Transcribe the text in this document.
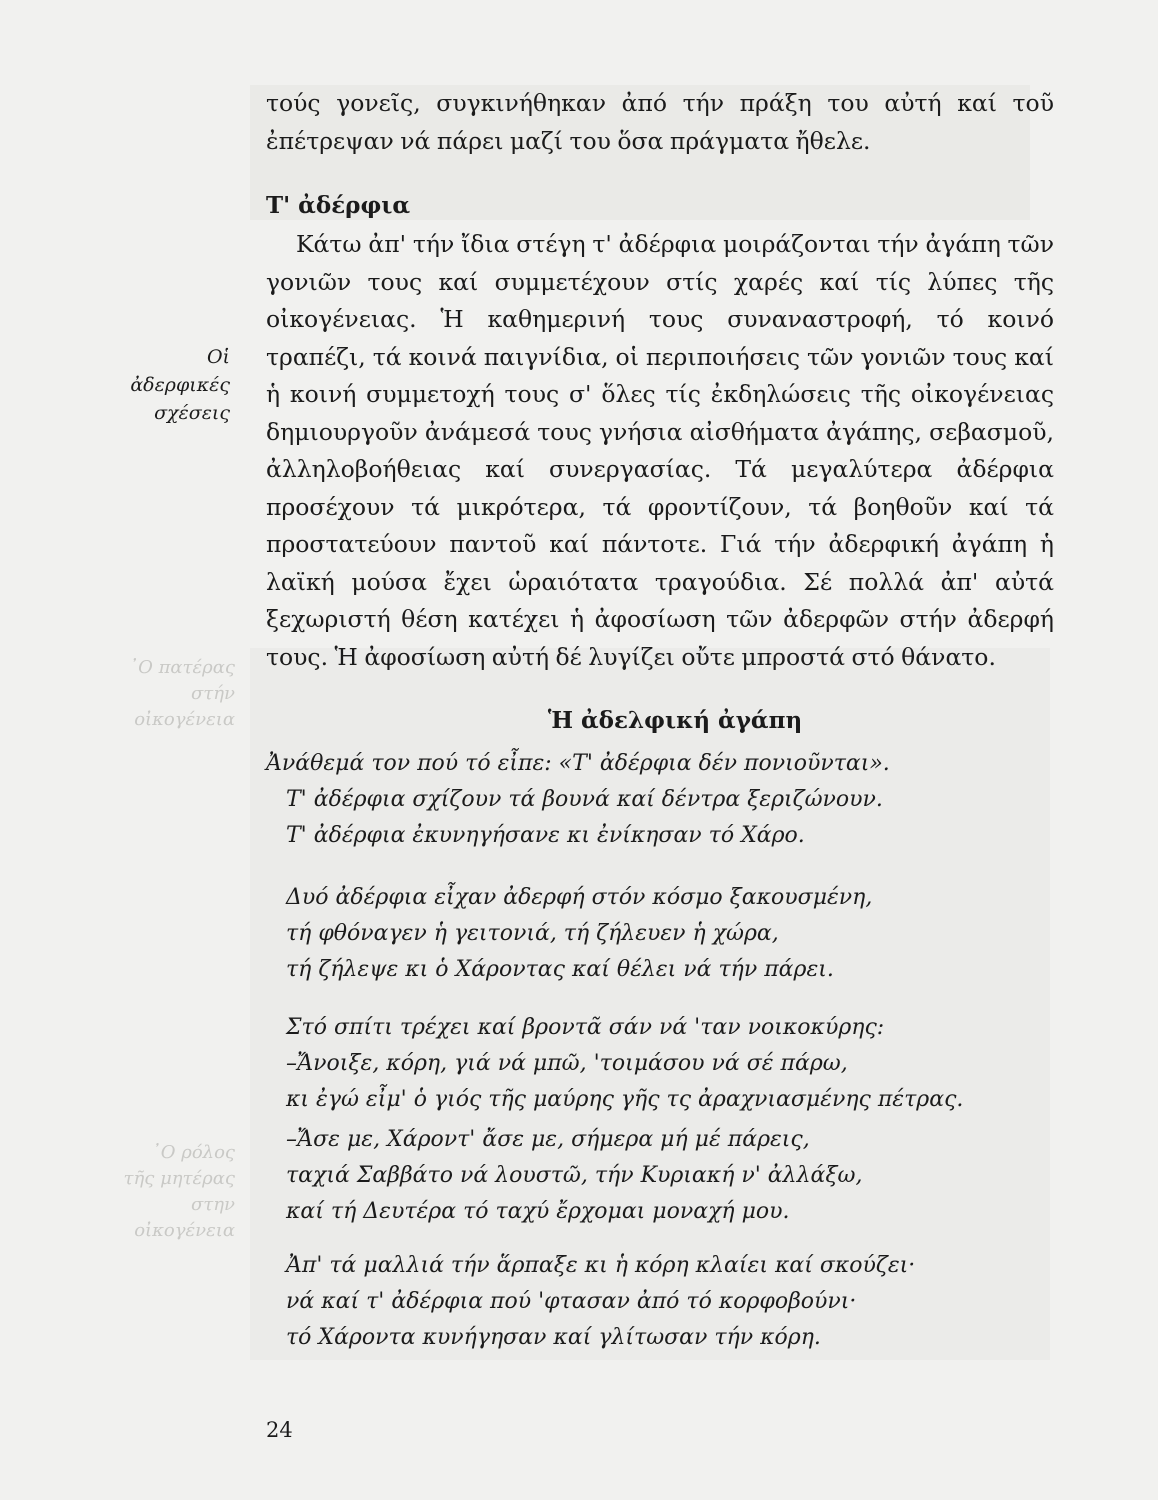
᾽Ο πατέρας
στήν
οἰκογένεια
᾽Ο ρόλος
τῆς μητέρας
στην
οἰκογένεια

τούς γονεῖς, συγκινήθηκαν ἀπό τήν πράξη του αὐτή καί τοῦ ἐπέτρεψαν νά πάρει μαζί του ὅσα πράγματα ἤθελε.

Τ' ἀδέρφια

Κάτω ἀπ' τήν ἴδια στέγη τ' ἀδέρφια μοιράζονται τήν ἀγάπη τῶν γονιῶν τους καί συμμετέχουν στίς χαρές καί τίς λύπες τῆς οἰκογένειας. Ἡ καθημερινή τους συναναστροφή, τό κοινό τραπέζι, τά κοινά παιγνίδια, οἱ περιποιήσεις τῶν γονιῶν τους καί ἡ κοινή συμμετοχή τους σ' ὅλες τίς ἐκδηλώσεις τῆς οἰκογένειας δημιουργοῦν ἀνάμεσά τους γνήσια αἰσθήματα ἀγάπης, σεβασμοῦ, ἀλληλοβοήθειας καί συνεργασίας. Τά μεγαλύτερα ἀδέρφια προσέχουν τά μικρότερα, τά φροντίζουν, τά βοηθοῦν καί τά προστατεύουν παντοῦ καί πάντοτε. Γιά τήν ἀδερφική ἀγάπη ἡ λαϊκή μούσα ἔχει ὡραιότατα τραγούδια. Σέ πολλά ἀπ' αὐτά ξεχωριστή θέση κατέχει ἡ ἀφοσίωση τῶν ἀδερφῶν στήν ἀδερφή τους. Ἡ ἀφοσίωση αὐτή δέ λυγίζει οὔτε μπροστά στό θάνατο.

Οἱ
ἀδερφικές
σχέσεις
Ἡ ἀδελφική ἀγάπη
Ἀνάθεμά τον πού τό εἶπε: «Τ' ἀδέρφια δέν πονιοῦνται».
Τ' ἀδέρφια σχίζουν τά βουνά καί δέντρα ξεριζώνουν.
Τ' ἀδέρφια ἐκυνηγήσανε κι ἐνίκησαν τό Χάρο.
Δυό ἀδέρφια εἶχαν ἀδερφή στόν κόσμο ξακουσμένη,
τή φθόναγεν ἡ γειτονιά, τή ζήλευεν ἡ χώρα,
τή ζήλεψε κι ὁ Χάροντας καί θέλει νά τήν πάρει.
Στό σπίτι τρέχει καί βροντᾶ σάν νά 'ταν νοικοκύρης:
–Ἄνοιξε, κόρη, γιά νά μπῶ, 'τοιμάσου νά σέ πάρω,
κι ἐγώ εἶμ' ὁ γιός τῆς μαύρης γῆς τς ἀραχνιασμένης πέτρας.
–Ἄσε με, Χάροντ' ἄσε με, σήμερα μή μέ πάρεις,
ταχιά Σαββάτο νά λουστῶ, τήν Κυριακή ν' ἀλλάξω,
καί τή Δευτέρα τό ταχύ ἔρχομαι μοναχή μου.
Ἀπ' τά μαλλιά τήν ἅρπαξε κι ἡ κόρη κλαίει καί σκούζει·
νά καί τ' ἀδέρφια πού 'φτασαν ἀπό τό κορφοβούνι·
τό Χάροντα κυνήγησαν καί γλίτωσαν τήν κόρη.
24
